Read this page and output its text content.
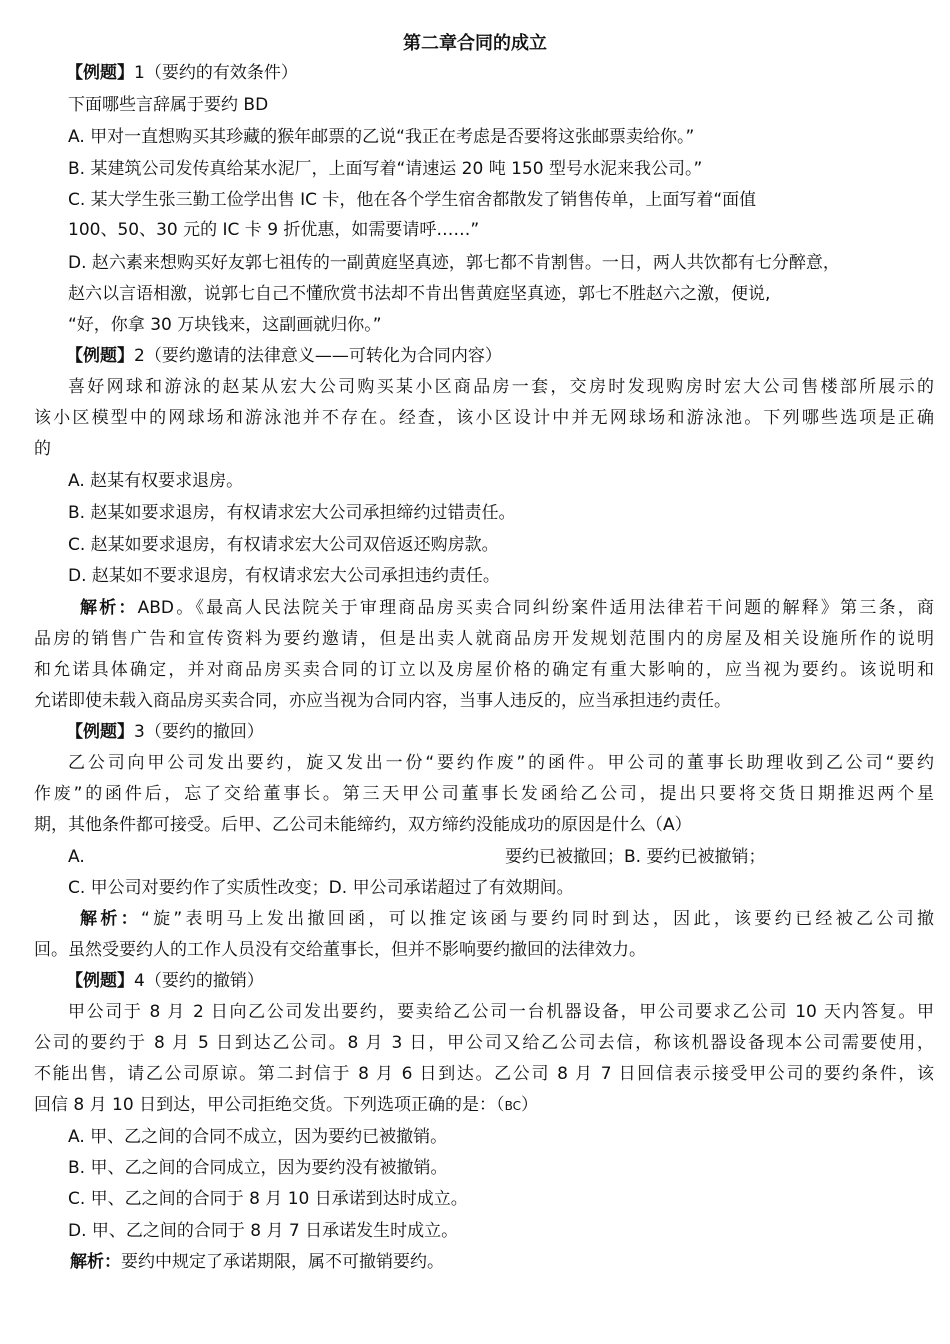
第二章合同的成立
【例题】1（要约的有效条件）
下面哪些言辞属于要约 BD
A. 甲对一直想购买其珍藏的猴年邮票的乙说“我正在考虑是否要将这张邮票卖给你。”
B. 某建筑公司发传真给某水泥厂，上面写着“请速运 20 吨 150 型号水泥来我公司。”
C. 某大学生张三勤工俭学出售 IC 卡，他在各个学生宿舍都散发了销售传单，上面写着“面值
100、50、30 元的 IC 卡 9 折优惠，如需要请呼……”
D. 赵六素来想购买好友郭七祖传的一副黄庭坚真迹，郭七都不肯割售。一日，两人共饮都有七分醉意，
赵六以言语相激，说郭七自己不懂欣赏书法却不肯出售黄庭坚真迹，郭七不胜赵六之激，便说,
“好，你拿 30 万块钱来，这副画就归你。”
【例题】2（要约邀请的法律意义——可转化为合同内容）
喜好网球和游泳的赵某从宏大公司购买某小区商品房一套，交房时发现购房时宏大公司售楼部所展示的
该小区模型中的网球场和游泳池并不存在。经查，该小区设计中并无网球场和游泳池。下列哪些选项是正确
的
A. 赵某有权要求退房。
B. 赵某如要求退房，有权请求宏大公司承担缔约过错责任。
C. 赵某如要求退房，有权请求宏大公司双倍返还购房款。
D. 赵某如不要求退房，有权请求宏大公司承担违约责任。
解析：ABD。《最高人民法院关于审理商品房买卖合同纠纷案件适用法律若干问题的解释》第三条，商
品房的销售广告和宣传资料为要约邀请，但是出卖人就商品房开发规划范围内的房屋及相关设施所作的说明
和允诺具体确定，并对商品房买卖合同的订立以及房屋价格的确定有重大影响的，应当视为要约。该说明和
允诺即使未载入商品房买卖合同，亦应当视为合同内容，当事人违反的，应当承担违约责任。
【例题】3（要约的撤回）
乙公司向甲公司发出要约，旋又发出一份“要约作废”的函件。甲公司的董事长助理收到乙公司“要约
作废”的函件后，忘了交给董事长。第三天甲公司董事长发函给乙公司，提出只要将交货日期推迟两个星
期，其他条件都可接受。后甲、乙公司未能缔约，双方缔约没能成功的原因是什么（A）
A.	要约已被撤回；B. 要约已被撤销；
C. 甲公司对要约作了实质性改变；D. 甲公司承诺超过了有效期间。
解析：“旋”表明马上发出撤回函，可以推定该函与要约同时到达，因此，该要约已经被乙公司撤
回。虽然受要约人的工作人员没有交给董事长，但并不影响要约撤回的法律效力。
【例题】4（要约的撤销）
甲公司于 8 月 2 日向乙公司发出要约，要卖给乙公司一台机器设备，甲公司要求乙公司 10 天内答复。甲
公司的要约于 8 月 5 日到达乙公司。8 月 3 日，甲公司又给乙公司去信，称该机器设备现本公司需要使用，
不能出售，请乙公司原谅。第二封信于 8 月 6 日到达。乙公司 8 月 7 日回信表示接受甲公司的要约条件，该
回信 8 月 10 日到达，甲公司拒绝交货。下列选项正确的是：（BC）
A. 甲、乙之间的合同不成立，因为要约已被撤销。
B. 甲、乙之间的合同成立，因为要约没有被撤销。
C. 甲、乙之间的合同于 8 月 10 日承诺到达时成立。
D. 甲、乙之间的合同于 8 月 7 日承诺发生时成立。
解析：要约中规定了承诺期限，属不可撤销要约。
